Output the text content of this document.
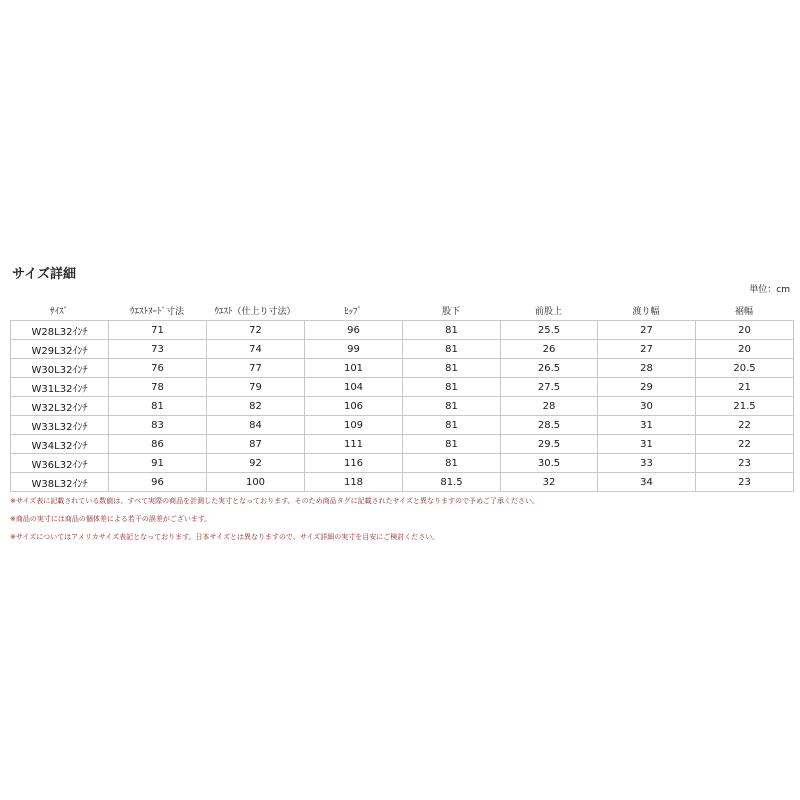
サイズ詳細
単位：cm
ｻｲｽﾞ	ｳｴｽﾄﾇｰﾄﾞ寸法	ｳｴｽﾄ（仕上り寸法）	ﾋｯﾌﾟ	股下	前股上	渡り幅	裾幅
W28L32ｲﾝﾁ	71	72	96	81	25.5	27	20
W29L32ｲﾝﾁ	73	74	99	81	26	27	20
W30L32ｲﾝﾁ	76	77	101	81	26.5	28	20.5
W31L32ｲﾝﾁ	78	79	104	81	27.5	29	21
W32L32ｲﾝﾁ	81	82	106	81	28	30	21.5
W33L32ｲﾝﾁ	83	84	109	81	28.5	31	22
W34L32ｲﾝﾁ	86	87	111	81	29.5	31	22
W36L32ｲﾝﾁ	91	92	116	81	30.5	33	23
W38L32ｲﾝﾁ	96	100	118	81.5	32	34	23
※サイズ表に記載されている数値は、すべて実際の商品を計測した実寸となっております。そのため商品タグに記載されたサイズと異なりますので予めご了承ください。
※商品の実寸には商品の個体差による若干の誤差がございます。
※サイズについてはアメリカサイズ表記となっております。日本サイズとは異なりますので、サイズ詳細の実寸を目安にご検討ください。
